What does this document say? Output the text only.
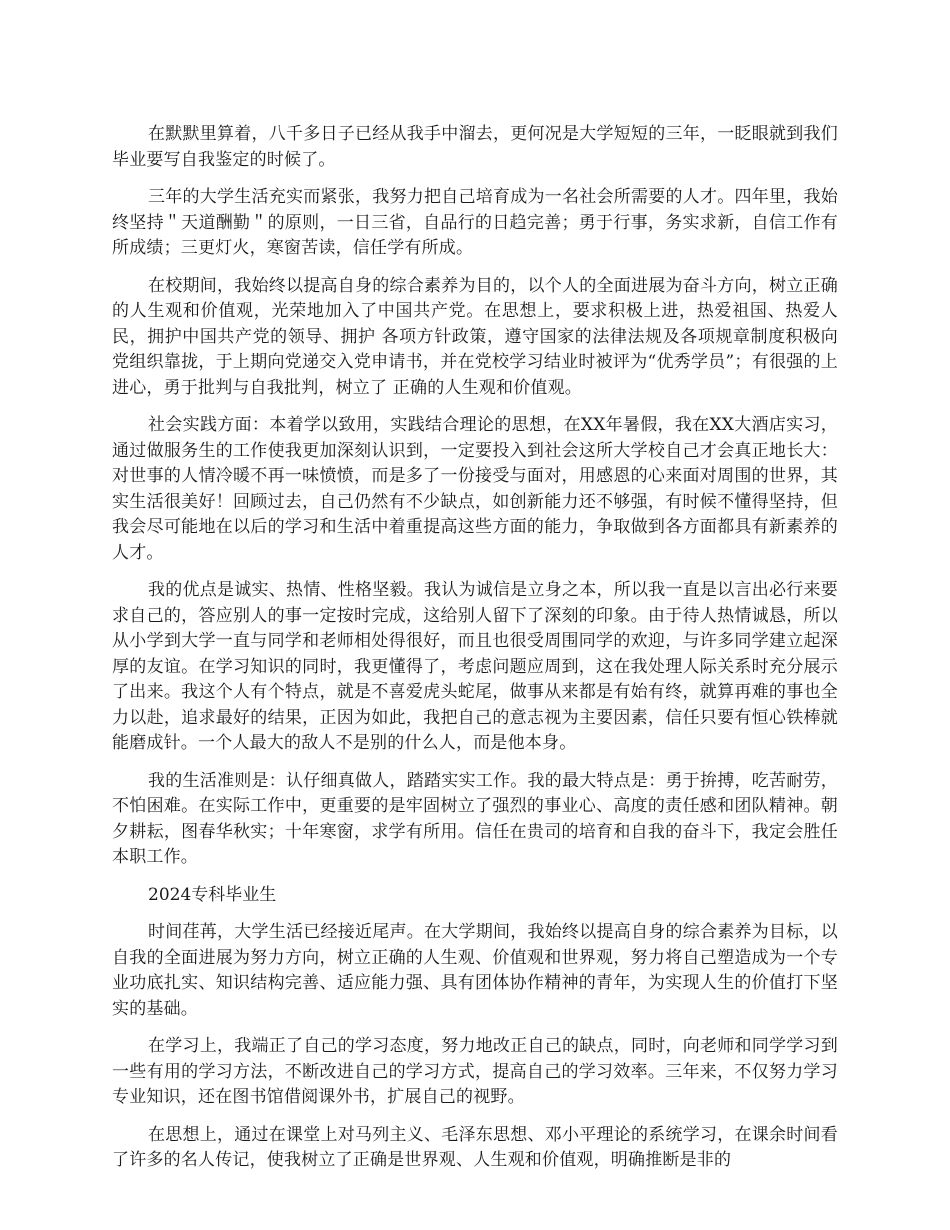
在默默里算着，八千多日子已经从我手中溜去，更何况是大学短短的三年，一眨眼就到我们毕业要写自我鉴定的时候了。

三年的大学生活充实而紧张，我努力把自己培育成为一名社会所需要的人才。四年里，我始终坚持＂天道酬勤＂的原则，一日三省，自品行的日趋完善；勇于行事，务实求新，自信工作有所成绩；三更灯火，寒窗苦读，信任学有所成。

在校期间，我始终以提高自身的综合素养为目的，以个人的全面进展为奋斗方向，树立正确的人生观和价值观，光荣地加入了中国共产党。在思想上，要求积极上进，热爱祖国、热爱人民，拥护中国共产党的领导、拥护 各项方针政策，遵守国家的法律法规及各项规章制度积极向党组织靠拢，于上期向党递交入党申请书，并在党校学习结业时被评为“优秀学员”；有很强的上进心，勇于批判与自我批判，树立了 正确的人生观和价值观。

社会实践方面：本着学以致用，实践结合理论的思想，在XX年暑假，我在XX大酒店实习，通过做服务生的工作使我更加深刻认识到，一定要投入到社会这所大学校自己才会真正地长大：对世事的人情冷暖不再一味愤愤，而是多了一份接受与面对，用感恩的心来面对周围的世界，其实生活很美好！回顾过去，自己仍然有不少缺点，如创新能力还不够强，有时候不懂得坚持，但我会尽可能地在以后的学习和生活中着重提高这些方面的能力，争取做到各方面都具有新素养的人才。

我的优点是诚实、热情、性格坚毅。我认为诚信是立身之本，所以我一直是以言出必行来要求自己的，答应别人的事一定按时完成，这给别人留下了深刻的印象。由于待人热情诚恳，所以从小学到大学一直与同学和老师相处得很好，而且也很受周围同学的欢迎，与许多同学建立起深厚的友谊。在学习知识的同时，我更懂得了，考虑问题应周到，这在我处理人际关系时充分展示了出来。我这个人有个特点，就是不喜爱虎头蛇尾，做事从来都是有始有终，就算再难的事也全力以赴，追求最好的结果，正因为如此，我把自己的意志视为主要因素，信任只要有恒心铁棒就能磨成针。一个人最大的敌人不是别的什么人，而是他本身。

我的生活准则是：认仔细真做人，踏踏实实工作。我的最大特点是：勇于拚搏，吃苦耐劳，不怕困难。在实际工作中，更重要的是牢固树立了强烈的事业心、高度的责任感和团队精神。朝夕耕耘，图春华秋实；十年寒窗，求学有所用。信任在贵司的培育和自我的奋斗下，我定会胜任本职工作。

2024专科毕业生

时间荏苒，大学生活已经接近尾声。在大学期间，我始终以提高自身的综合素养为目标，以自我的全面进展为努力方向，树立正确的人生观、价值观和世界观，努力将自己塑造成为一个专业功底扎实、知识结构完善、适应能力强、具有团体协作精神的青年，为实现人生的价值打下坚实的基础。

在学习上，我端正了自己的学习态度，努力地改正自己的缺点，同时，向老师和同学学习到一些有用的学习方法，不断改进自己的学习方式，提高自己的学习效率。三年来，不仅努力学习专业知识，还在图书馆借阅课外书，扩展自己的视野。

在思想上，通过在课堂上对马列主义、毛泽东思想、邓小平理论的系统学习，在课余时间看了许多的名人传记，使我树立了正确是世界观、人生观和价值观，明确推断是非的
